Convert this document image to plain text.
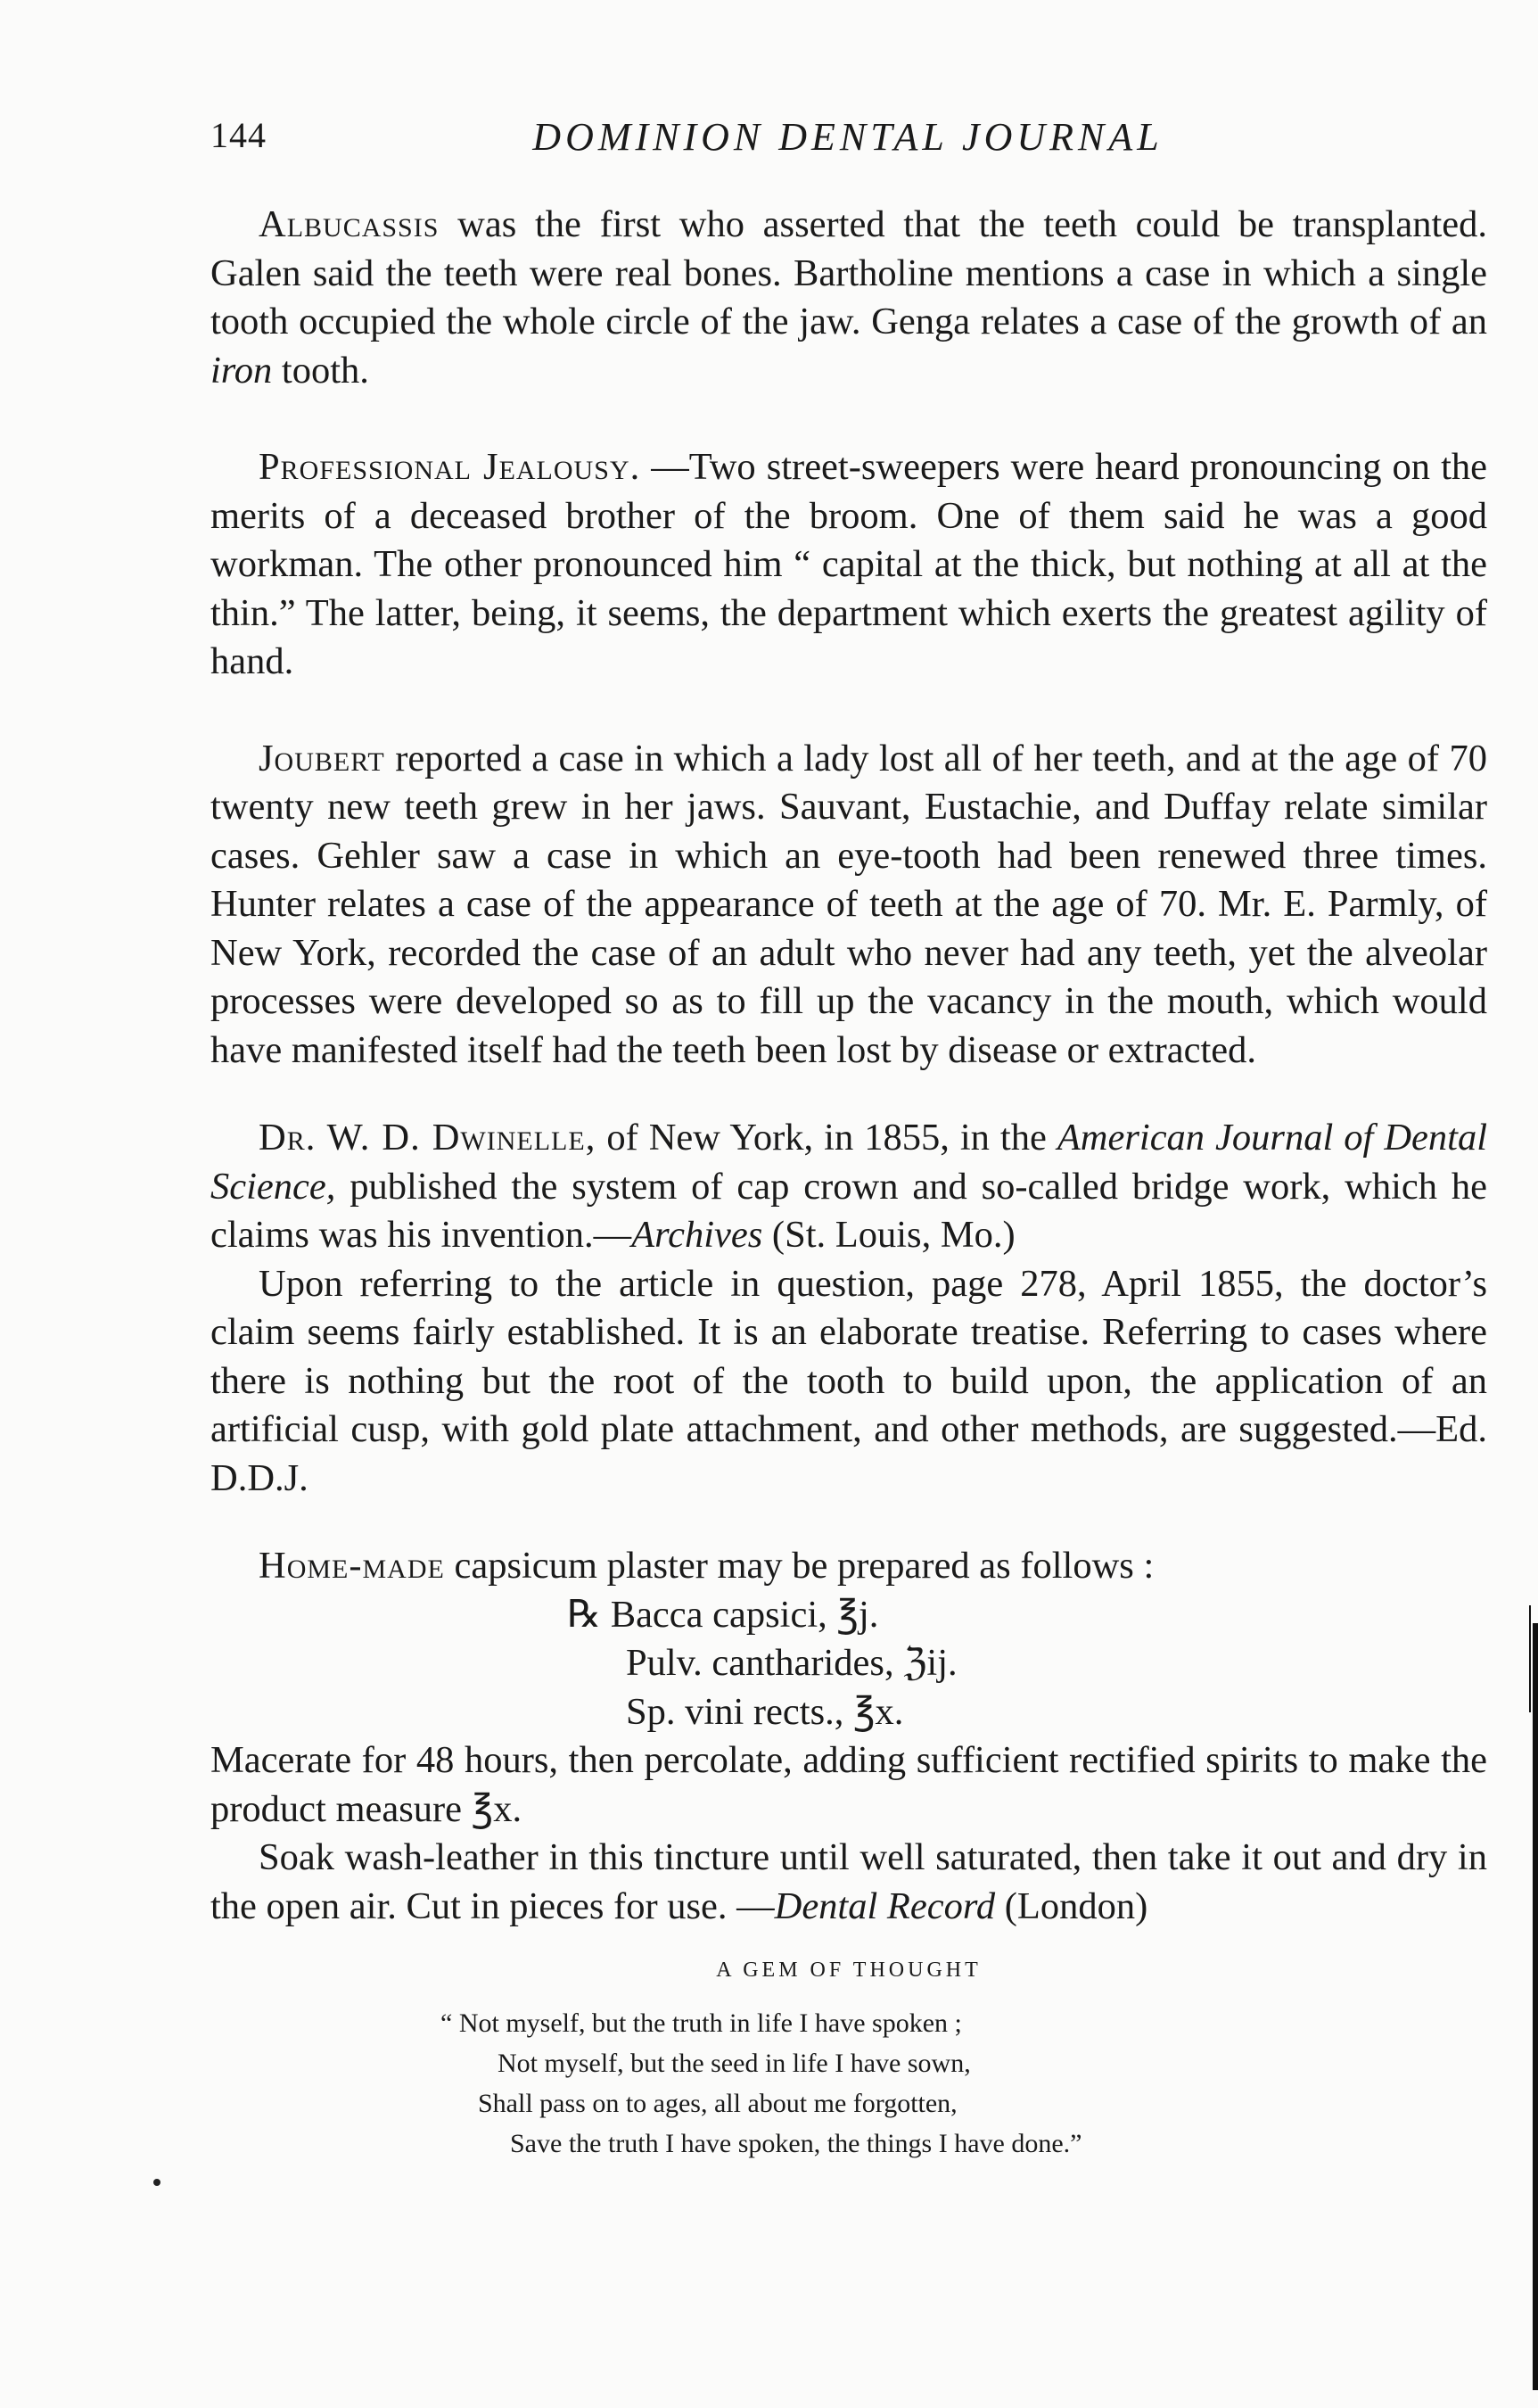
144	DOMINION DENTAL JOURNAL

Albucassis was the first who asserted that the teeth could be transplanted. Galen said the teeth were real bones. Bartholine mentions a case in which a single tooth occupied the whole circle of the jaw. Genga relates a case of the growth of an iron tooth.

Professional Jealousy. —Two street-sweepers were heard pronouncing on the merits of a deceased brother of the broom. One of them said he was a good workman. The other pronounced him “ capital at the thick, but nothing at all at the thin.” The latter, being, it seems, the department which exerts the greatest agility of hand.

Joubert reported a case in which a lady lost all of her teeth, and at the age of 70 twenty new teeth grew in her jaws. Sauvant, Eustachie, and Duffay relate similar cases. Gehler saw a case in which an eye-tooth had been renewed three times. Hunter relates a case of the appearance of teeth at the age of 70. Mr. E. Parmly, of New York, recorded the case of an adult who never had any teeth, yet the alveolar processes were developed so as to fill up the vacancy in the mouth, which would have manifested itself had the teeth been lost by disease or extracted.

Dr. W. D. Dwinelle, of New York, in 1855, in the American Journal of Dental Science, published the system of cap crown and so-called bridge work, which he claims was his invention.—Archives (St. Louis, Mo.)

Upon referring to the article in question, page 278, April 1855, the doctor’s claim seems fairly established. It is an elaborate treatise. Referring to cases where there is nothing but the root of the tooth to build upon, the application of an artificial cusp, with gold plate attachment, and other methods, are suggested.—Ed. D.D.J.

Home-made capsicum plaster may be prepared as follows :

℞ Bacca capsici, ℥j.
Pulv. cantharides, ℨij.
Sp. vini rects., ℥x.

Macerate for 48 hours, then percolate, adding sufficient rectified spirits to make the product measure ℥x.

Soak wash-leather in this tincture until well saturated, then take it out and dry in the open air. Cut in pieces for use. —Dental Record (London)

A GEM OF THOUGHT
“ Not myself, but the truth in life I have spoken ;
Not myself, but the seed in life I have sown,
Shall pass on to ages, all about me forgotten,
Save the truth I have spoken, the things I have done.”
